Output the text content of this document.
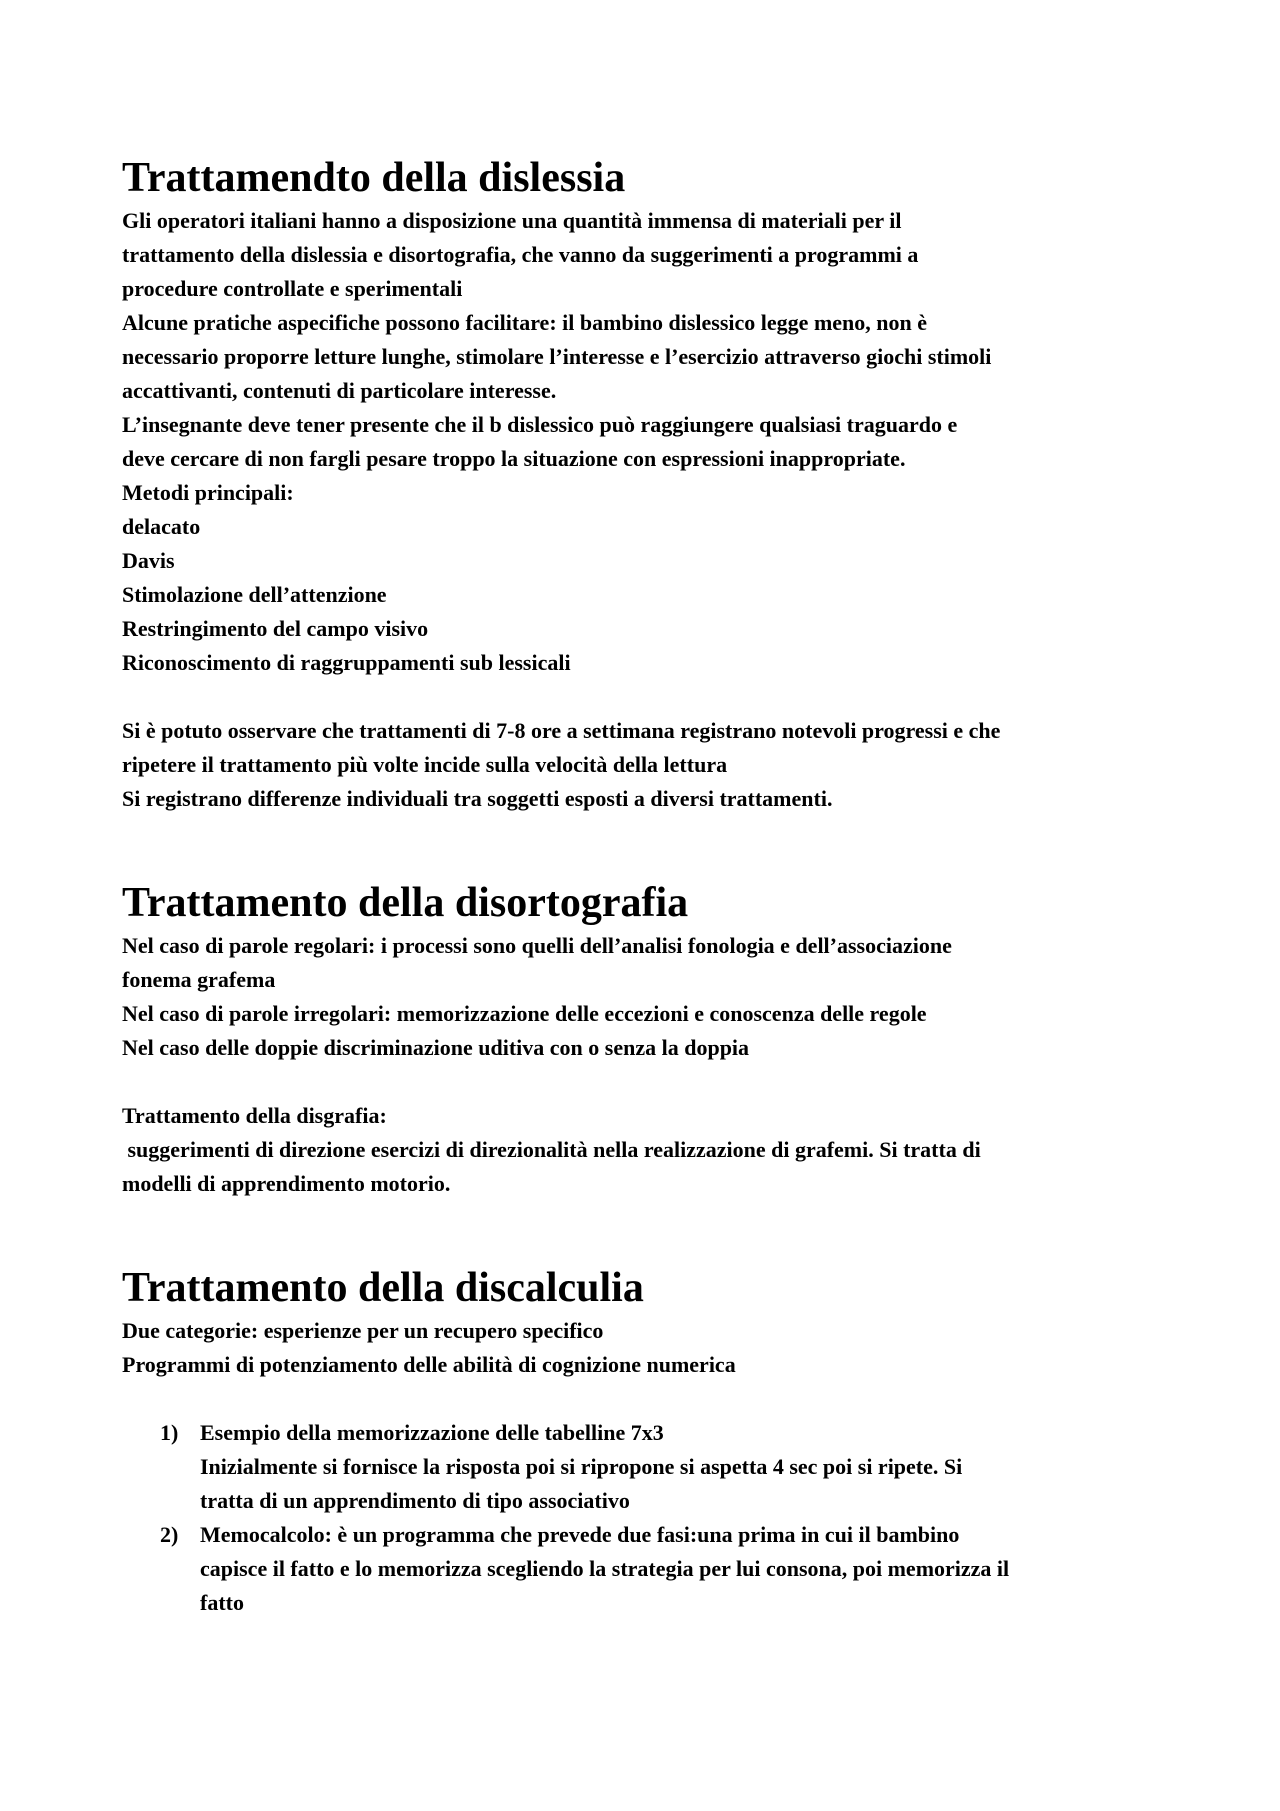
Trattamendto della dislessia

Gli operatori italiani hanno a disposizione una quantità immensa di materiali per il

trattamento della dislessia e disortografia, che vanno da suggerimenti a programmi a

procedure controllate e sperimentali

Alcune pratiche aspecifiche possono facilitare: il bambino dislessico legge meno, non è

necessario proporre letture lunghe, stimolare l’interesse e l’esercizio attraverso giochi stimoli

accattivanti, contenuti di particolare interesse.

L’insegnante deve tener presente che il b dislessico può raggiungere qualsiasi traguardo e

deve cercare di non fargli pesare troppo la situazione con espressioni inappropriate.

Metodi principali:

delacato

Davis

Stimolazione dell’attenzione

Restringimento del campo visivo

Riconoscimento di raggruppamenti sub lessicali

Si è potuto osservare che trattamenti di 7-8 ore a settimana registrano notevoli progressi e che

ripetere il trattamento più volte incide sulla velocità della lettura

Si registrano differenze individuali tra soggetti esposti a diversi trattamenti.

Trattamento della disortografia

Nel caso di parole regolari: i processi sono quelli dell’analisi fonologia e dell’associazione

fonema grafema

Nel caso di parole irregolari: memorizzazione delle eccezioni e conoscenza delle regole

Nel caso delle doppie discriminazione uditiva con o senza la doppia

Trattamento della disgrafia:

suggerimenti di direzione esercizi di direzionalità nella realizzazione di grafemi. Si tratta di

modelli di apprendimento motorio.

Trattamento della discalculia

Due categorie: esperienze per un recupero specifico

Programmi di potenziamento delle abilità di cognizione numerica

1) Esempio della memorizzazione delle tabelline 7x3

Inizialmente si fornisce la risposta poi si ripropone si aspetta 4 sec poi si ripete. Si

tratta di un apprendimento di tipo associativo

2) Memocalcolo: è un programma che prevede due fasi:una prima in cui il bambino

capisce il fatto e lo memorizza scegliendo la strategia per lui consona, poi memorizza il

fatto
